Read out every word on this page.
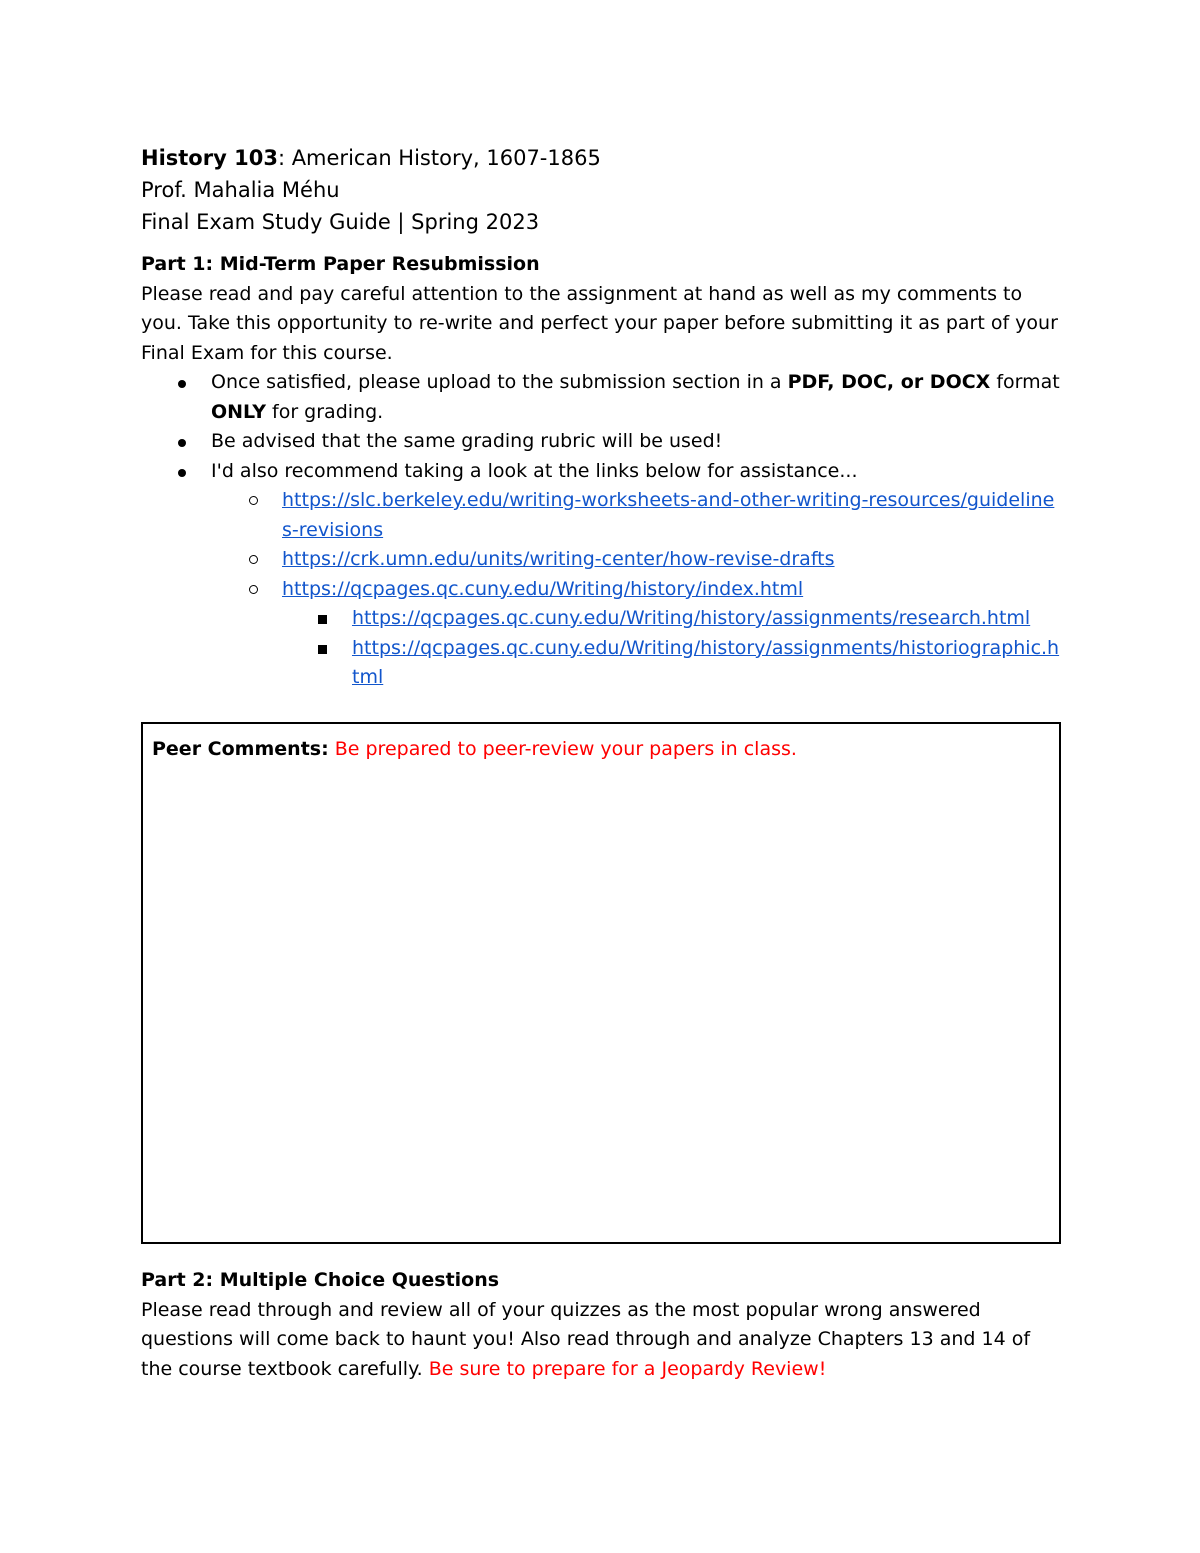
History 103: American History, 1607-1865
Prof. Mahalia Méhu
Final Exam Study Guide | Spring 2023
Part 1: Mid-Term Paper Resubmission

Please read and pay careful attention to the assignment at hand as well as my comments to you. Take this opportunity to re-write and perfect your paper before submitting it as part of your Final Exam for this course.

Once satisfied, please upload to the submission section in a PDF, DOC, or DOCX format ONLY for grading.
Be advised that the same grading rubric will be used!
I'd also recommend taking a look at the links below for assistance...
https://slc.berkeley.edu/writing-worksheets-and-other-writing-resources/guidelines-revisions
https://crk.umn.edu/units/writing-center/how-revise-drafts
https://qcpages.qc.cuny.edu/Writing/history/index.html
https://qcpages.qc.cuny.edu/Writing/history/assignments/research.html
https://qcpages.qc.cuny.edu/Writing/history/assignments/historiographic.html
Peer Comments: Be prepared to peer-review your papers in class.
Part 2: Multiple Choice Questions

Please read through and review all of your quizzes as the most popular wrong answered questions will come back to haunt you! Also read through and analyze Chapters 13 and 14 of the course textbook carefully. Be sure to prepare for a Jeopardy Review!
